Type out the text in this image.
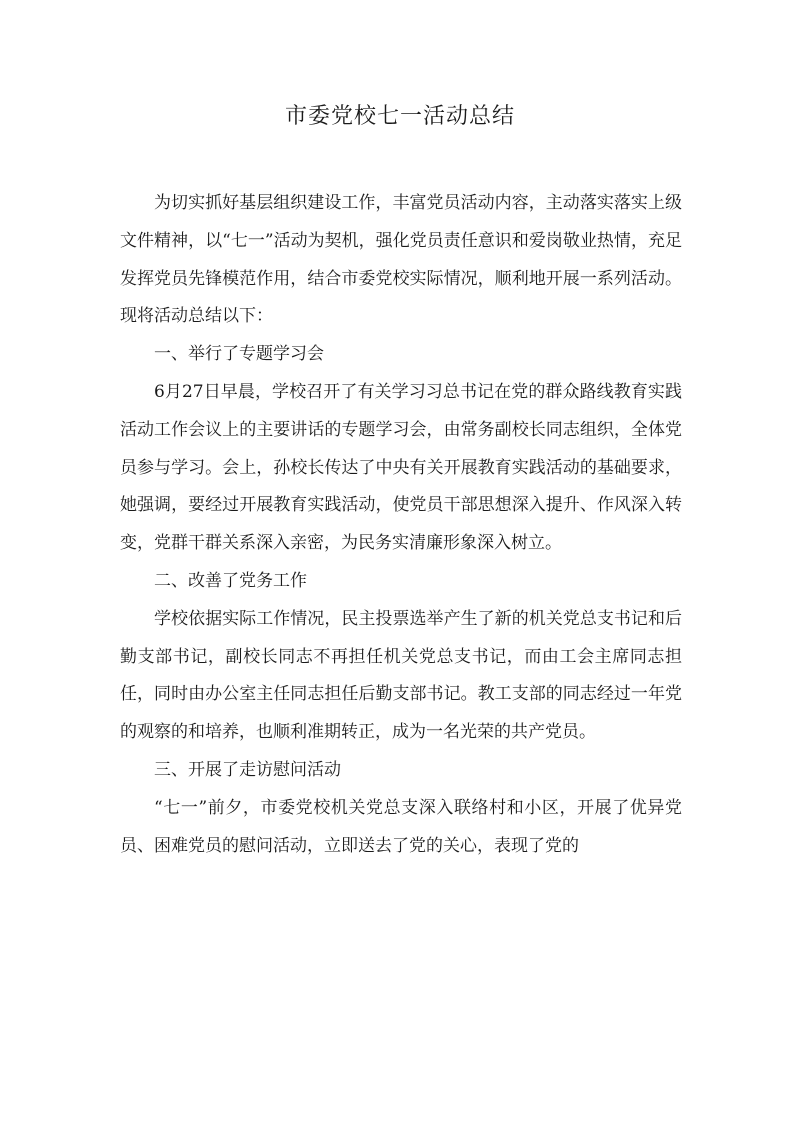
市委党校七一活动总结

为切实抓好基层组织建设工作，丰富党员活动内容，主动落实落实上级文件精神，以“七一”活动为契机，强化党员责任意识和爱岗敬业热情，充足发挥党员先锋模范作用，结合市委党校实际情况，顺利地开展一系列活动。现将活动总结以下：

一、举行了专题学习会

6月27日早晨，学校召开了有关学习习总书记在党的群众路线教育实践活动工作会议上的主要讲话的专题学习会，由常务副校长同志组织，全体党员参与学习。会上，孙校长传达了中央有关开展教育实践活动的基础要求，她强调，要经过开展教育实践活动，使党员干部思想深入提升、作风深入转变，党群干群关系深入亲密，为民务实清廉形象深入树立。

二、改善了党务工作

学校依据实际工作情况，民主投票选举产生了新的机关党总支书记和后勤支部书记，副校长同志不再担任机关党总支书记，而由工会主席同志担任，同时由办公室主任同志担任后勤支部书记。教工支部的同志经过一年党的观察的和培养，也顺利准期转正，成为一名光荣的共产党员。

三、开展了走访慰问活动

“七一”前夕，市委党校机关党总支深入联络村和小区，开展了优异党员、困难党员的慰问活动，立即送去了党的关心，表现了党的
